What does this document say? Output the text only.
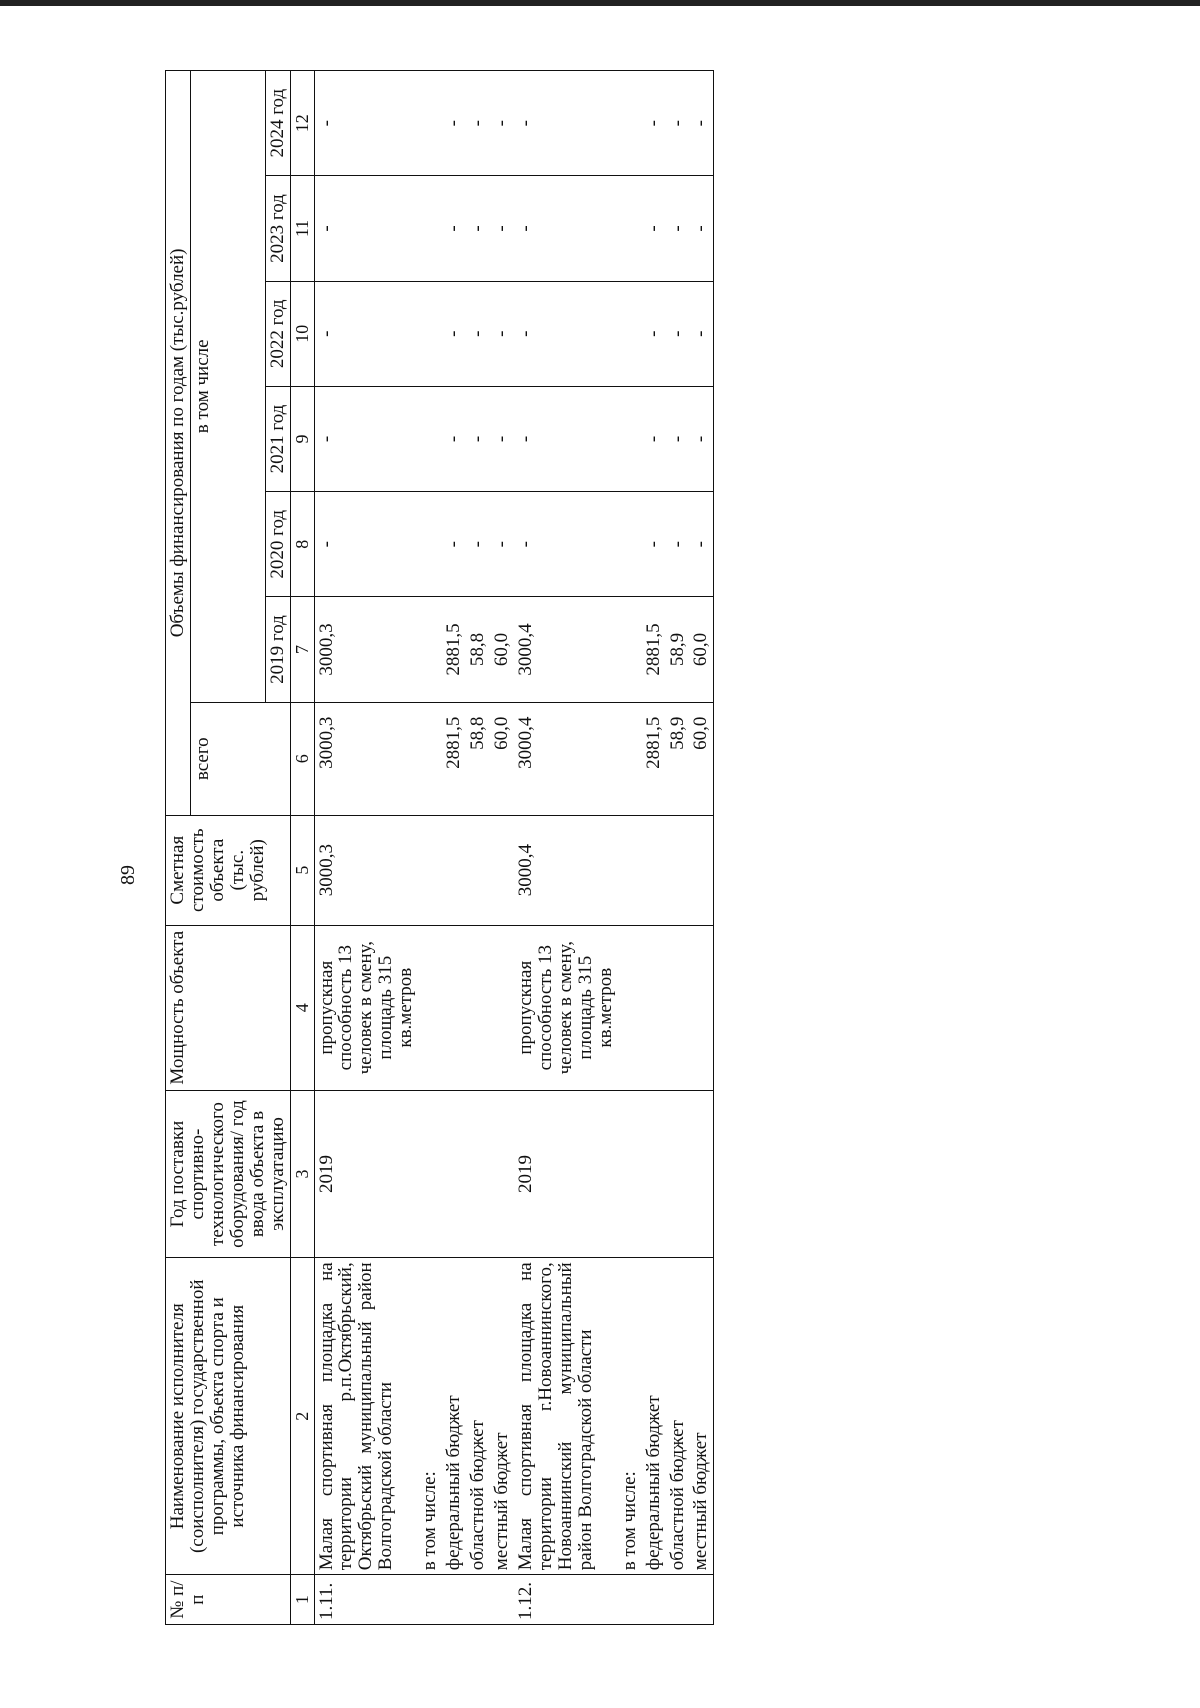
89
№ п/п	Наименование исполнителя (соисполнителя) государственной программы, объекта спорта и источника финансирования	Год поставки спортивно-технологического оборудования/ год ввода объекта в эксплуатацию	Мощность объекта	Сметная стоимость объекта (тыс. рублей)	Объемы финансирования по годам (тыс.рублей)						
					всего	в том числе					
						2019 год	2020 год	2021 год	2022 год	2023 год	2024 год
1	2	3	4	5	6	7	8	9	10	11	12
1.11.	Малая спортивная площадка на территории р.п.Октябрьский, Октябрьский муниципальный район Волгоградской области	2019	пропускная способность 13 человек в смену, площадь 315 кв.метров	3000,3	3000,3	3000,3	-	-	-	-	-
	в том числе:										
	федеральный бюджет				2881,5	2881,5	-	-	-	-	-
	областной бюджет				58,8	58,8	-	-	-	-	-
	местный бюджет				60,0	60,0	-	-	-	-	-
1.12.	Малая спортивная площадка на территории г.Новоаннинского, Новоаннинский муниципальный район Волгоградской области	2019	пропускная способность 13 человек в смену, площадь 315 кв.метров	3000,4	3000,4	3000,4	-	-	-	-	-
	в том числе:										
	федеральный бюджет				2881,5	2881,5	-	-	-	-	-
	областной бюджет				58,9	58,9	-	-	-	-	-
	местный бюджет				60,0	60,0	-	-	-	-	-
